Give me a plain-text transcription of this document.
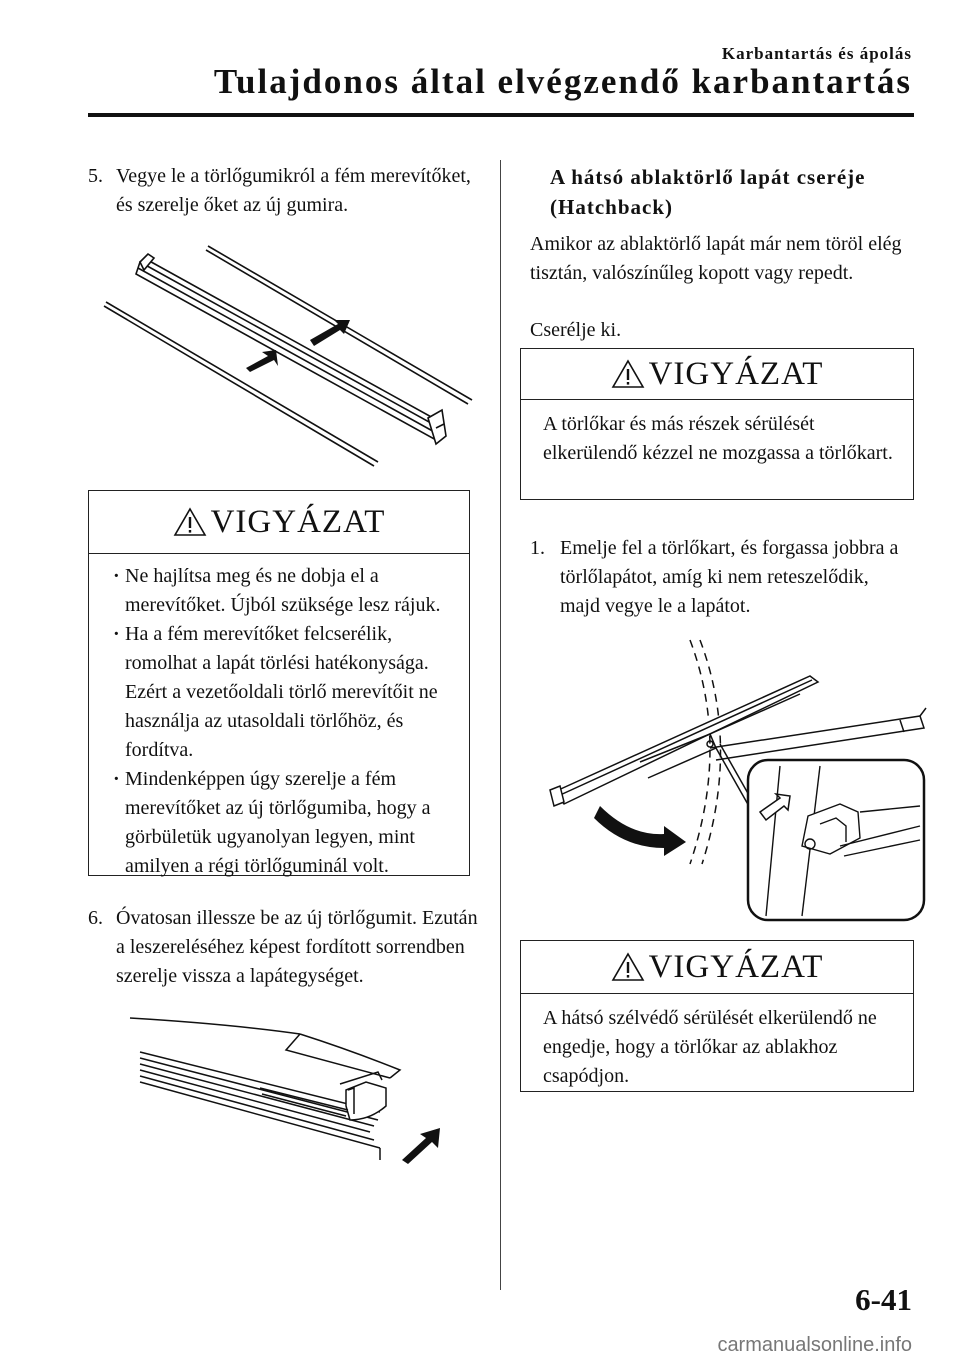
Karbantartás és ápolás
Tulajdonos által elvégzendő karbantartás
5. Vegye le a törlőgumikról a fém merevítőket, és szerelje őket az új gumira.
VIGYÁZAT
· Ne hajlítsa meg és ne dobja el a merevítőket. Újból szüksége lesz rájuk.
· Ha a fém merevítőket felcserélik, romolhat a lapát törlési hatékonysága. Ezért a vezetőoldali törlő merevítőit ne használja az utasoldali törlőhöz, és fordítva.
· Mindenképpen úgy szerelje a fém merevítőket az új törlőgumiba, hogy a görbületük ugyanolyan legyen, mint amilyen a régi törlőguminál volt.
6. Óvatosan illessze be az új törlőgumit. Ezután a leszereléséhez képest fordított sorrendben szerelje vissza a lapátegységet.
A hátsó ablaktörlő lapát cseréje (Hatchback)
Amikor az ablaktörlő lapát már nem töröl elég tisztán, valószínűleg kopott vagy repedt.
Cserélje ki.
VIGYÁZAT
A törlőkar és más részek sérülését elkerülendő kézzel ne mozgassa a törlőkart.
1. Emelje fel a törlőkart, és forgassa jobbra a törlőlapátot, amíg ki nem reteszelődik, majd vegye le a lapátot.
VIGYÁZAT
A hátsó szélvédő sérülését elkerülendő ne engedje, hogy a törlőkar az ablakhoz csapódjon.
6-41
carmanualsonline.info
